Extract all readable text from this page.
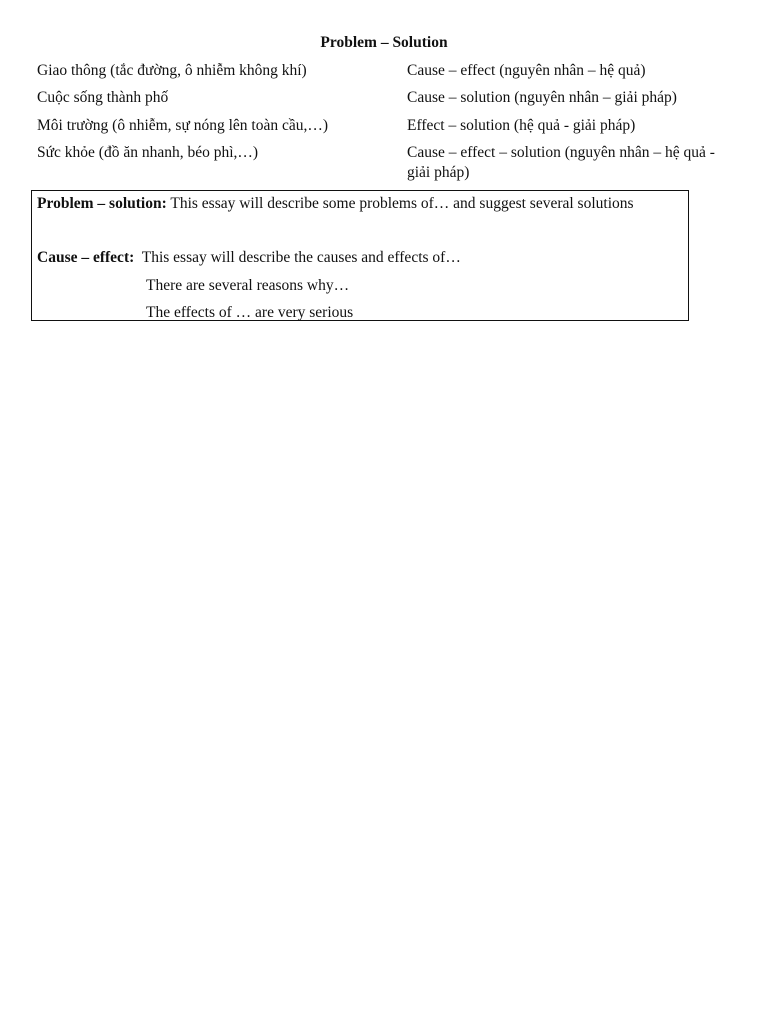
Problem – Solution
Giao thông (tắc đường, ô nhiễm không khí)	Cause – effect (nguyên nhân – hệ quả)
Cuộc sống thành phố	Cause – solution (nguyên nhân – giải pháp)
Môi trường (ô nhiễm, sự nóng lên toàn cầu,…)	Effect – solution (hệ quả - giải pháp)
Sức khỏe (đồ ăn nhanh, béo phì,…)	Cause – effect – solution (nguyên nhân – hệ quả - giải pháp)
Problem – solution: This essay will describe some problems of… and suggest several solutions
Cause – effect:  This essay will describe the causes and effects of…
There are several reasons why…
The effects of … are very serious
